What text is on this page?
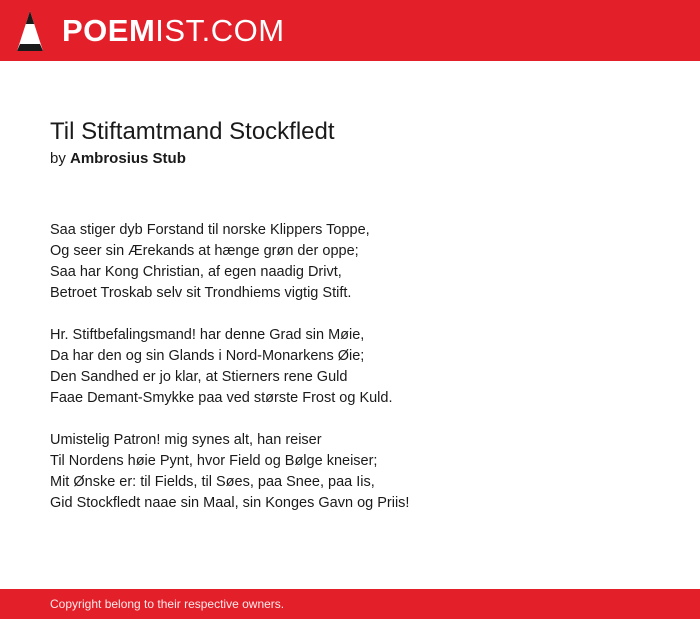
POEMIST.COM
Til Stiftamtmand Stockfledt

by Ambrosius Stub

Saa stiger dyb Forstand til norske Klippers Toppe,
Og seer sin Ærekands at hænge grøn der oppe;
Saa har Kong Christian, af egen naadig Drivt,
Betroet Troskab selv sit Trondhiems vigtig Stift.
Hr. Stiftbefalingsmand! har denne Grad sin Møie,
Da har den og sin Glands i Nord-Monarkens Øie;
Den Sandhed er jo klar, at Stierners rene Guld
Faae Demant-Smykke paa ved største Frost og Kuld.
Umistelig Patron! mig synes alt, han reiser
Til Nordens høie Pynt, hvor Field og Bølge kneiser;
Mit Ønske er: til Fields, til Søes, paa Snee, paa Iis,
Gid Stockfledt naae sin Maal, sin Konges Gavn og Priis!
Copyright belong to their respective owners.
